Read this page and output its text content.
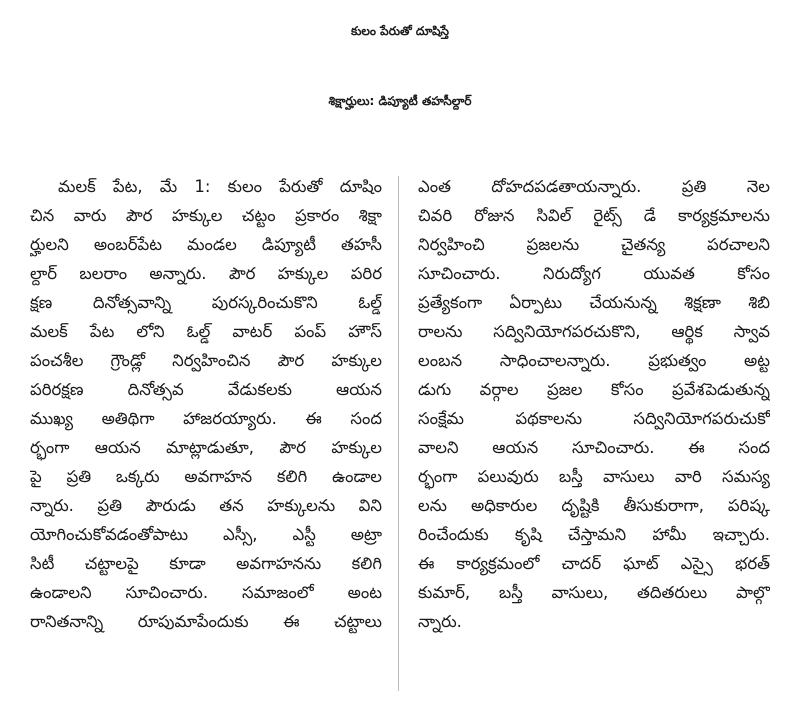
కులం పేరుతో దూషిస్తే
శిక్షార్హులు: డిప్యూటీ తహసీల్దార్

మలక్ పేట, మే 1: కులం పేరుతో దూషిం
చిన వారు పౌర హక్కుల చట్టం ప్రకారం శిక్షా
ర్హులని అంబర్‌పేట మండల డిప్యూటీ తహసీ
ల్దార్ బలరాం అన్నారు. పౌర హక్కుల పరిర
క్షణ దినోత్సవాన్ని పురస్కరించుకొని ఓల్డ్
మలక్ పేట లోని ఓల్డ్ వాటర్ పంప్ హౌస్
పంచశీల గ్రౌండ్లో నిర్వహించిన పౌర హక్కుల
పరిరక్షణ దినోత్సవ వేడుకలకు ఆయన
ముఖ్య అతిథిగా హాజరయ్యారు. ఈ సంద
ర్భంగా ఆయన మాట్లాడుతూ, పౌర హక్కుల
పై ప్రతి ఒక్కరు అవగాహన కలిగి ఉండాల
న్నారు. ప్రతి పౌరుడు తన హక్కులను విని
యోగించుకోవడంతోపాటు ఎస్సీ, ఎస్టీ అట్రా
సిటీ చట్టాలపై కూడా అవగాహనను కలిగి
ఉండాలని సూచించారు. సమాజంలో అంట
రానితనాన్ని రూపుమాపేందుకు ఈ చట్టాలు

ఎంత దోహదపడతాయన్నారు. ప్రతి నెల
చివరి రోజున సివిల్ రైట్స్ డే కార్యక్రమాలను
నిర్వహించి ప్రజలను చైతన్య పరచాలని
సూచించారు. నిరుద్యోగ యువత కోసం
ప్రత్యేకంగా ఏర్పాటు చేయనున్న శిక్షణా శిబి
రాలను సద్వినియోగపరచుకొని, ఆర్థిక స్వావ
లంబన సాధించాలన్నారు. ప్రభుత్వం అట్ట
డుగు వర్గాల ప్రజల కోసం ప్రవేశపెడుతున్న
సంక్షేమ పథకాలను సద్వినియోగపరుచుకో
వాలని ఆయన సూచించారు. ఈ సంద
ర్భంగా పలువురు బస్తీ వాసులు వారి సమస్య
లను అధికారుల దృష్టికి తీసుకురాగా, పరిష్క
రించేందుకు కృషి చేస్తామని హామీ ఇచ్చారు.
ఈ కార్యక్రమంలో చాదర్ ఘాట్ ఎస్సై భరత్
కుమార్, బస్తీ వాసులు, తదితరులు పాల్గొ
న్నారు.
